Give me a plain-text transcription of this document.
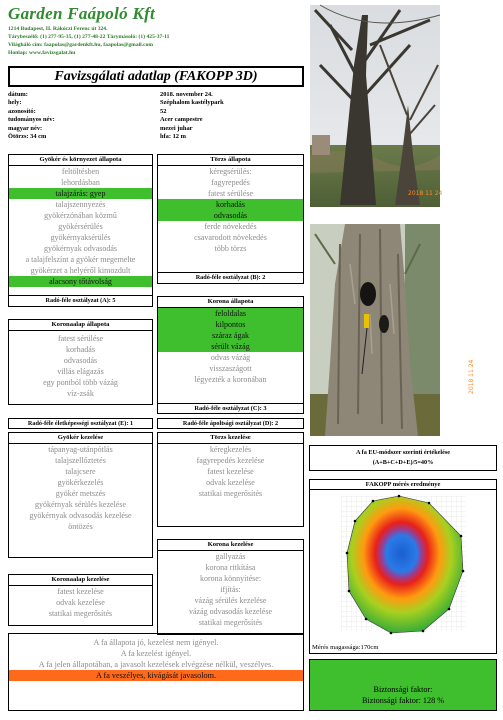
Garden Faápoló Kft
1214 Budapest, II. Rákóczi Ferenc út 324.
Tárybeszélő: (1) 277-95-35, (1) 277-48-22 Tárymásoló: (1) 425-37-11
Világháló cím: faapolas@gardenkft.hu, faapolas@gmail.com
Honlap: www.favizsgalat.hu
Favizsgálati adatlap (FAKOPP 3D)
dátum:	2018. november 24.
hely:	Széphalom kastélypark
azonosító:	52
tudományos név:	Acer campestre
magyar név:	mezei juhar
Ötörzs: 34 cm	hfa: 12 m
2018 11 24
2018 11 24
Gyökér és környezet állapota
feltöltésben
lehordásban
talajzárás: gyep
talajszennyezés
gyökérzónában közmű
gyökérsérülés
gyökérnyaksérülés
gyökérnyak odvasodás
a talajfelszínt a gyökér megemelte
gyökérzet a helyéről kimozdult
alacsony tőtávolság
Radó-féle osztályzat (A): 5
Törzs állapota
kéregsérülés:
fagyrepedés
fatest sérülése
korhadás
odvasodás
ferde növekedés
csavarodott növekedés
több törzs
Radó-féle osztályzat (B): 2
Koronaalap állapota
fatest sérülése
korhadás
odvasodás
villás elágazás
egy pontból több vázág
víz-zsák
Korona állapota
feloldalas
kilpontos
száraz ágak
sérült vázág
odvas vázág
visszaszágott
légyezték a koronában
Radó-féle osztályzat (C): 3
Radó-féle életképességi osztályzat (E): 1	Radó-féle ápoltsági osztályzat (D): 2
Gyökér kezelése
tápanyag-utánpótlás
talajszellőztetés
talajcsere
gyökérkezelés
gyökér metszés
gyökérnyak sérülés kezelése
gyökérnyak odvasodás kezelése
öntözés
Törzs kezelése
kéregkezelés
fagyrepedés kezelése
fatest kezelése
odvak kezelése
statikai megerősítés
Koronaalap kezelése
fatest kezelése
odvak kezelése
statikai megerősítés
Korona kezelése
gallyazás
korona ritkítása
korona könnyítése:
ifjítás:
vázág sérülés kezelése
vázág odvasodás kezelése
statikai megerősítés
A fa EU-módszer szerinti értékelése
(A+B+C+D+E)/5=40%
FAKOPP mérés eredménye
Mérés magassága:170cm
A fa állapota jó, kezelést nem igényel.
A fa kezelést igényel.
A fa jelen állapotában, a javasolt kezelések elvégzése nélkül, veszélyes.
A fa veszélyes, kivágását javasolom.
Biztonsági faktor:
Biztonsági faktor: 128 %
